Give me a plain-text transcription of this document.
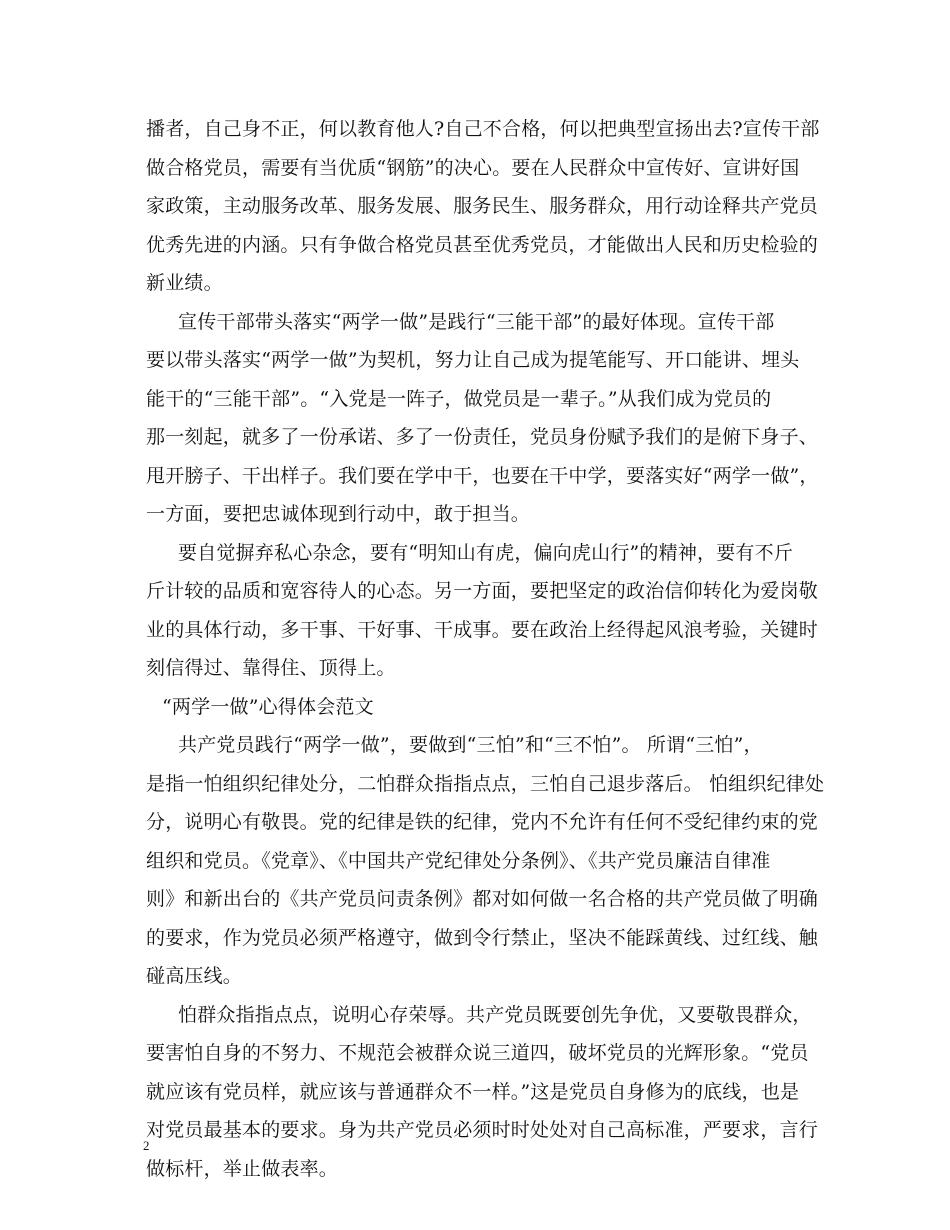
播者，自己身不正，何以教育他人?自己不合格，何以把典型宣扬出去?宣传干部
做合格党员，需要有当优质“钢筋”的决心。要在人民群众中宣传好、宣讲好国
家政策，主动服务改革、服务发展、服务民生、服务群众，用行动诠释共产党员
优秀先进的内涵。只有争做合格党员甚至优秀党员，才能做出人民和历史检验的
新业绩。
宣传干部带头落实“两学一做”是践行“三能干部”的最好体现。宣传干部
要以带头落实“两学一做”为契机，努力让自己成为提笔能写、开口能讲、埋头
能干的“三能干部”。“入党是一阵子，做党员是一辈子。”从我们成为党员的
那一刻起，就多了一份承诺、多了一份责任，党员身份赋予我们的是俯下身子、
甩开膀子、干出样子。我们要在学中干，也要在干中学，要落实好“两学一做”，
一方面，要把忠诚体现到行动中，敢于担当。
要自觉摒弃私心杂念，要有“明知山有虎，偏向虎山行”的精神，要有不斤
斤计较的品质和宽容待人的心态。另一方面，要把坚定的政治信仰转化为爱岗敬
业的具体行动，多干事、干好事、干成事。要在政治上经得起风浪考验，关键时
刻信得过、靠得住、顶得上。
“两学一做”心得体会范文
共产党员践行“两学一做”，要做到“三怕”和“三不怕”。 所谓“三怕”，
是指一怕组织纪律处分，二怕群众指指点点，三怕自己退步落后。 怕组织纪律处
分，说明心有敬畏。党的纪律是铁的纪律，党内不允许有任何不受纪律约束的党
组织和党员。《党章》、《中国共产党纪律处分条例》、《共产党员廉洁自律准
则》和新出台的《共产党员问责条例》都对如何做一名合格的共产党员做了明确
的要求，作为党员必须严格遵守，做到令行禁止，坚决不能踩黄线、过红线、触
碰高压线。
怕群众指指点点，说明心存荣辱。共产党员既要创先争优，又要敬畏群众，
要害怕自身的不努力、不规范会被群众说三道四，破坏党员的光辉形象。“党员
就应该有党员样，就应该与普通群众不一样。”这是党员自身修为的底线，也是
对党员最基本的要求。身为共产党员必须时时处处对自己高标准，严要求，言行
做标杆，举止做表率。
2
